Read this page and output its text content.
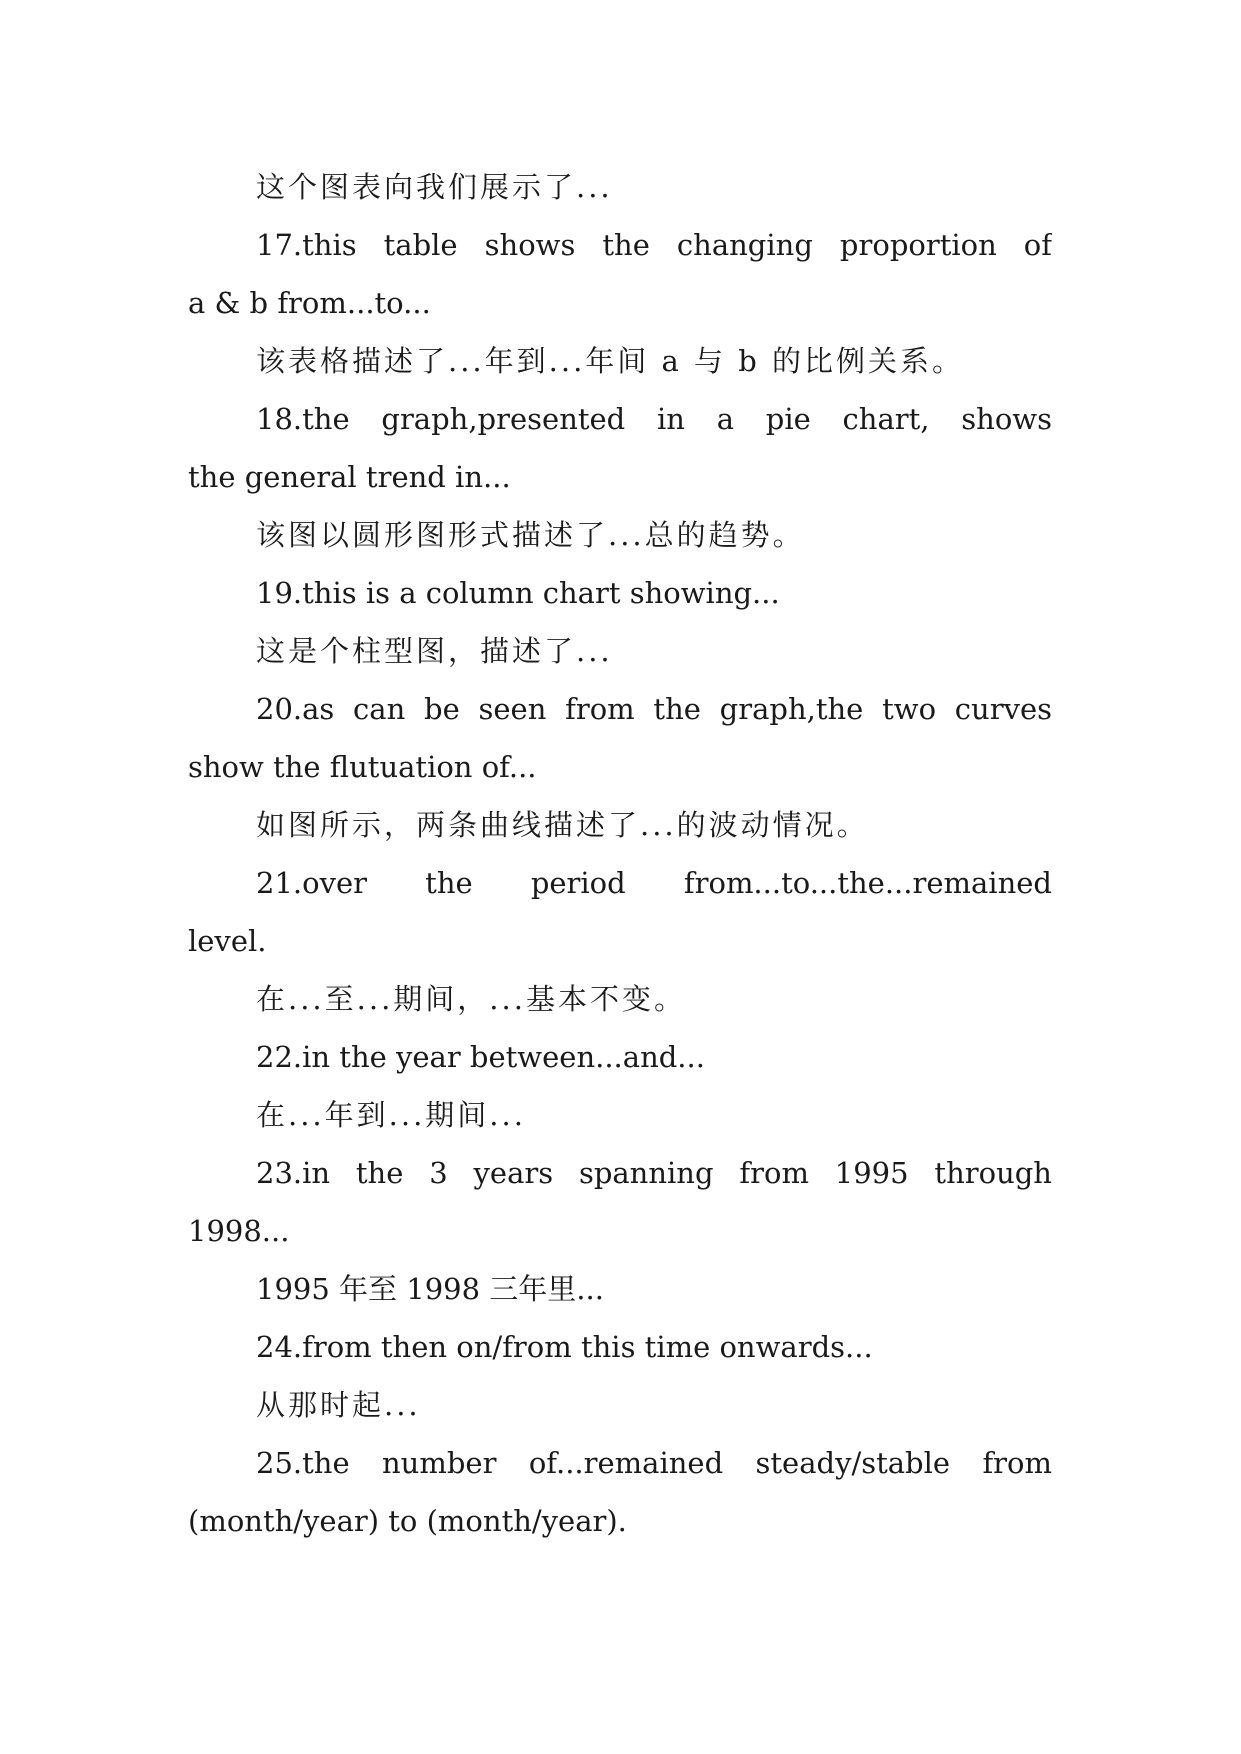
这个图表向我们展示了...
17.this table shows the changing proportion of
a & b from...to...
该表格描述了...年到...年间 a 与 b 的比例关系。
18.the graph,presented in a pie chart, shows
the general trend in...
该图以圆形图形式描述了...总的趋势。
19.this is a column chart showing...
这是个柱型图，描述了...
20.as can be seen from the graph,the two curves
show the flutuation of...
如图所示，两条曲线描述了...的波动情况。
21.over the period from...to...the...remained
level.
在...至...期间，...基本不变。
22.in the year between...and...
在...年到...期间...
23.in the 3 years spanning from 1995 through
1998...
1995 年至 1998 三年里...
24.from then on/from this time onwards...
从那时起...
25.the number of...remained steady/stable from
(month/year) to (month/year).
